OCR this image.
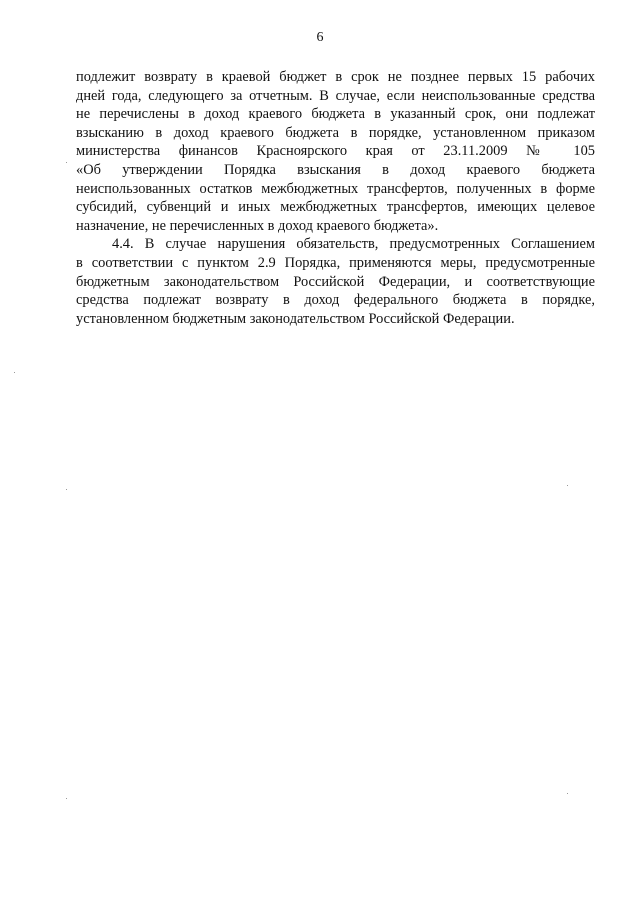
6
подлежит возврату в краевой бюджет в срок не позднее первых 15 рабочих
дней года, следующего за отчетным. В случае, если неиспользованные средства
не перечислены в доход краевого бюджета в указанный срок, они подлежат
взысканию в доход краевого бюджета в порядке, установленном приказом
министерства финансов Красноярского края от 23.11.2009 № 105
«Об утверждении Порядка взыскания в доход краевого бюджета
неиспользованных остатков межбюджетных трансфертов, полученных в форме
субсидий, субвенций и иных межбюджетных трансфертов, имеющих целевое
назначение, не перечисленных в доход краевого бюджета».
4.4. В случае нарушения обязательств, предусмотренных Соглашением
в соответствии с пунктом 2.9 Порядка, применяются меры, предусмотренные
бюджетным законодательством Российской Федерации, и соответствующие
средства подлежат возврату в доход федерального бюджета в порядке,
установленном бюджетным законодательством Российской Федерации.
